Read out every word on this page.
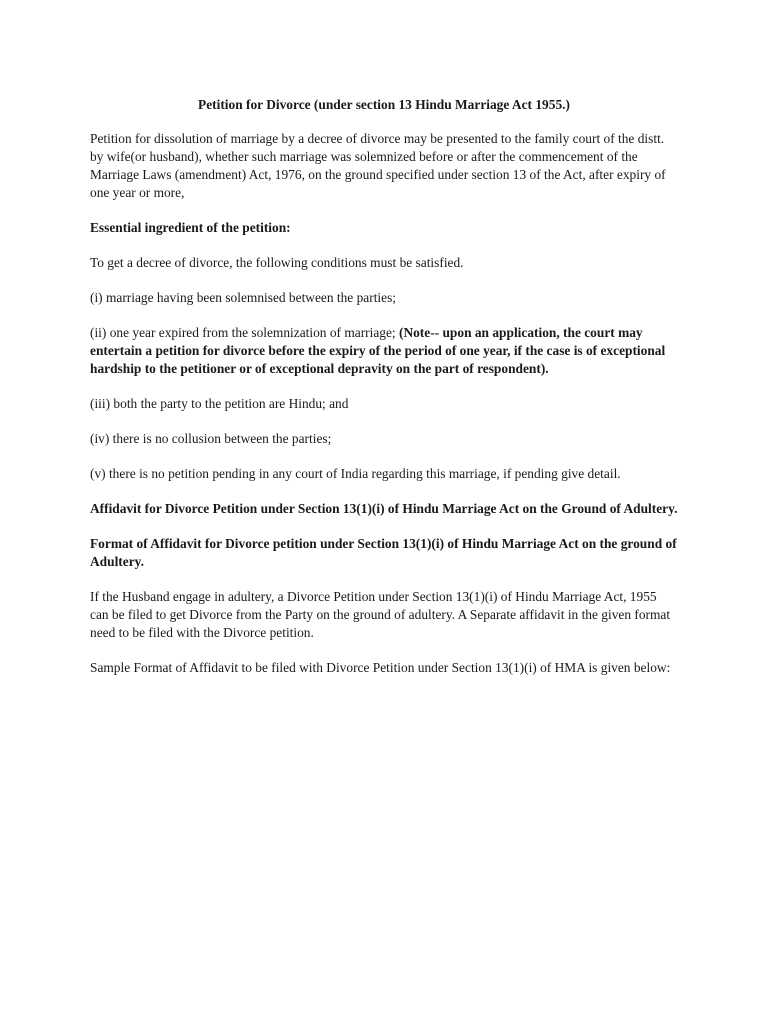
Petition for Divorce (under section 13 Hindu Marriage Act 1955.)

Petition for dissolution of marriage by a decree of divorce may be presented to the family court of the distt. by wife(or husband), whether such marriage was solemnized before or after the commencement of the Marriage Laws (amendment) Act, 1976, on the ground specified under section 13 of the Act, after expiry of one year or more,

Essential ingredient of the petition:

To get a decree of divorce, the following conditions must be satisfied.

(i) marriage having been solemnised between the parties;

(ii) one year expired from the solemnization of marriage; (Note-- upon an application, the court may entertain a petition for divorce before the expiry of the period of one year, if the case is of exceptional hardship to the petitioner or of exceptional depravity on the part of respondent).

(iii) both the party to the petition are Hindu; and

(iv) there is no collusion between the parties;

(v) there is no petition pending in any court of India regarding this marriage, if pending give detail.

Affidavit for Divorce Petition under Section 13(1)(i) of Hindu Marriage Act on the Ground of Adultery.

Format of Affidavit for Divorce petition under Section 13(1)(i) of Hindu Marriage Act on the ground of Adultery.

If the Husband engage in adultery, a Divorce Petition under Section 13(1)(i) of Hindu Marriage Act, 1955 can be filed to get Divorce from the Party on the ground of adultery. A Separate affidavit in the given format need to be filed with the Divorce petition.

Sample Format of Affidavit to be filed with Divorce Petition under Section 13(1)(i) of HMA is given below:
